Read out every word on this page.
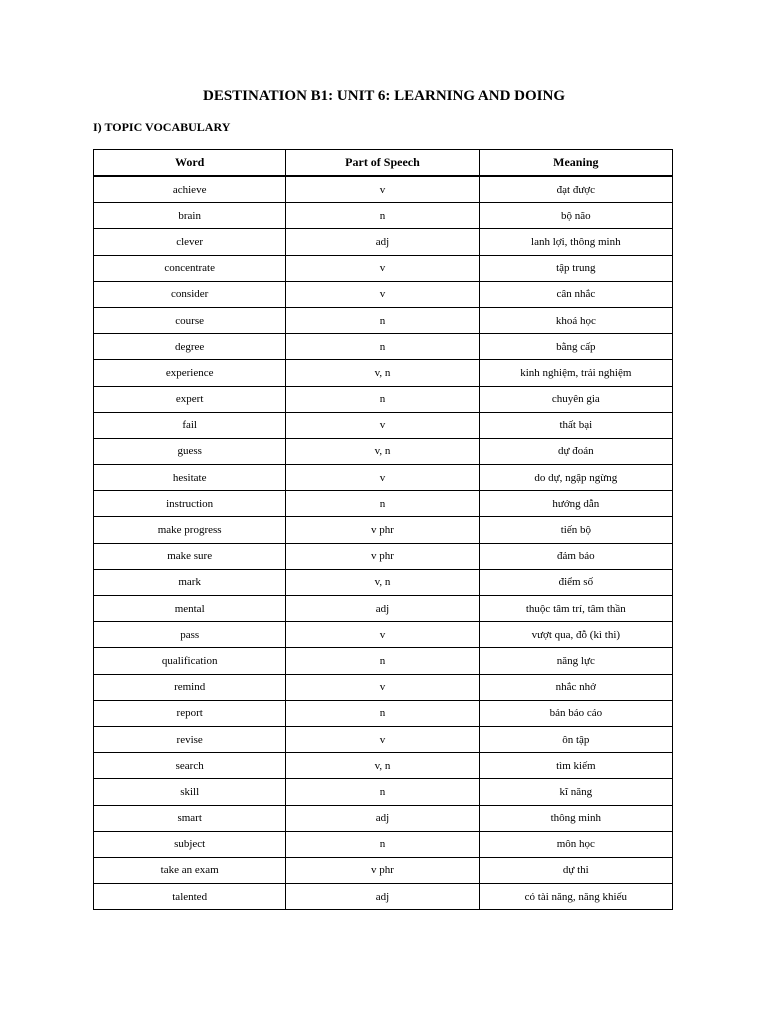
DESTINATION B1: UNIT 6: LEARNING AND DOING
I) TOPIC VOCABULARY
Word	Part of Speech	Meaning
achieve	v	đạt được
brain	n	bộ não
clever	adj	lanh lợi, thông minh
concentrate	v	tập trung
consider	v	cân nhắc
course	n	khoá học
degree	n	bằng cấp
experience	v, n	kinh nghiệm, trải nghiệm
expert	n	chuyên gia
fail	v	thất bại
guess	v, n	dự đoán
hesitate	v	do dự, ngập ngừng
instruction	n	hướng dẫn
make progress	v phr	tiến bộ
make sure	v phr	đảm bảo
mark	v, n	điểm số
mental	adj	thuộc tâm trí, tâm thần
pass	v	vượt qua, đỗ (kì thi)
qualification	n	năng lực
remind	v	nhắc nhở
report	n	bản báo cáo
revise	v	ôn tập
search	v, n	tìm kiếm
skill	n	kĩ năng
smart	adj	thông minh
subject	n	môn học
take an exam	v phr	dự thi
talented	adj	có tài năng, năng khiếu
